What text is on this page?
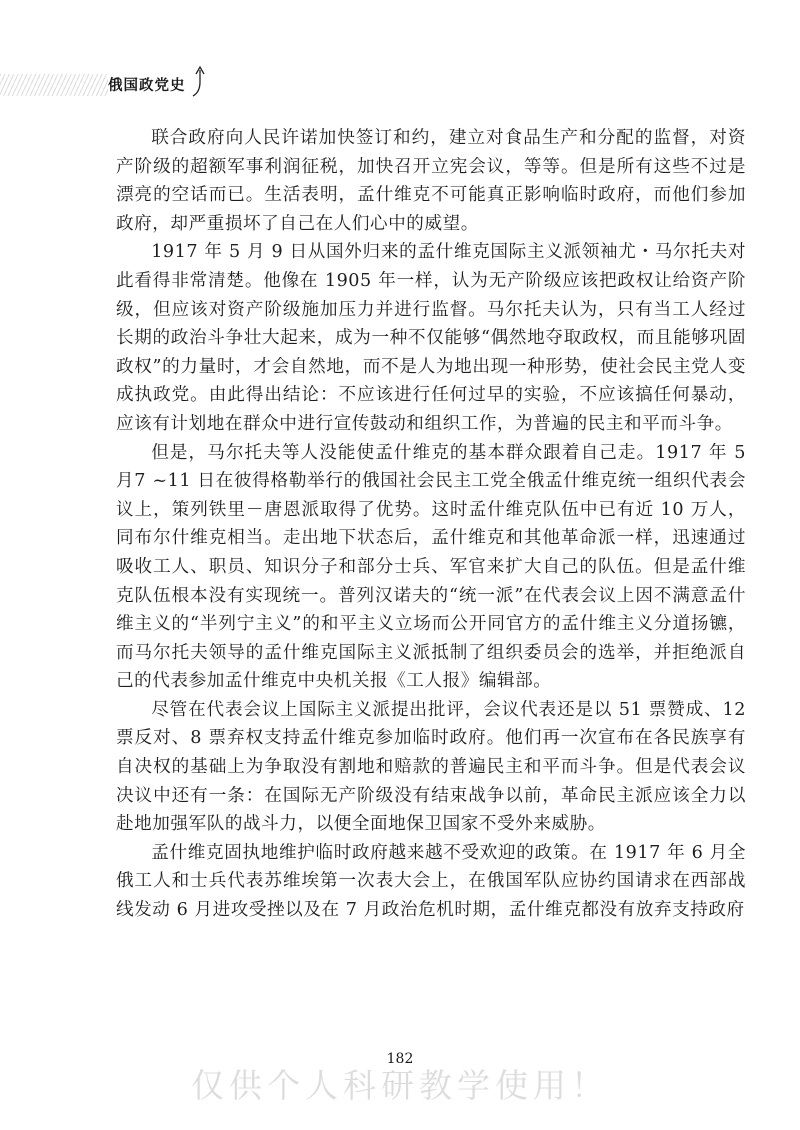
俄国政党史

联合政府向人民许诺加快签订和约，建立对食品生产和分配的监督，对资产阶级的超额军事利润征税，加快召开立宪会议，等等。但是所有这些不过是漂亮的空话而已。生活表明，孟什维克不可能真正影响临时政府，而他们参加政府，却严重损坏了自己在人们心中的威望。

1917 年 5 月 9 日从国外归来的孟什维克国际主义派领袖尤・马尔托夫对此看得非常清楚。他像在 1905 年一样，认为无产阶级应该把政权让给资产阶级，但应该对资产阶级施加压力并进行监督。马尔托夫认为，只有当工人经过长期的政治斗争壮大起来，成为一种不仅能够“偶然地夺取政权，而且能够巩固政权”的力量时，才会自然地，而不是人为地出现一种形势，使社会民主党人变成执政党。由此得出结论：不应该进行任何过早的实验，不应该搞任何暴动，应该有计划地在群众中进行宣传鼓动和组织工作，为普遍的民主和平而斗争。

但是，马尔托夫等人没能使孟什维克的基本群众跟着自己走。1917 年 5 月7 ~11 日在彼得格勒举行的俄国社会民主工党全俄孟什维克统一组织代表会议上，策列铁里－唐恩派取得了优势。这时孟什维克队伍中已有近 10 万人，同布尔什维克相当。走出地下状态后，孟什维克和其他革命派一样，迅速通过吸收工人、职员、知识分子和部分士兵、军官来扩大自己的队伍。但是孟什维克队伍根本没有实现统一。普列汉诺夫的“统一派”在代表会议上因不满意孟什维主义的“半列宁主义”的和平主义立场而公开同官方的孟什维主义分道扬镳，而马尔托夫领导的孟什维克国际主义派抵制了组织委员会的选举，并拒绝派自己的代表参加孟什维克中央机关报《工人报》编辑部。

尽管在代表会议上国际主义派提出批评，会议代表还是以 51 票赞成、12 票反对、8 票弃权支持孟什维克参加临时政府。他们再一次宣布在各民族享有自决权的基础上为争取没有割地和赔款的普遍民主和平而斗争。但是代表会议决议中还有一条：在国际无产阶级没有结束战争以前，革命民主派应该全力以赴地加强军队的战斗力，以便全面地保卫国家不受外来威胁。

孟什维克固执地维护临时政府越来越不受欢迎的政策。在 1917 年 6 月全俄工人和士兵代表苏维埃第一次表大会上，在俄国军队应协约国请求在西部战线发动 6 月进攻受挫以及在 7 月政治危机时期，孟什维克都没有放弃支持政府

182
仅供个人科研教学使用！
